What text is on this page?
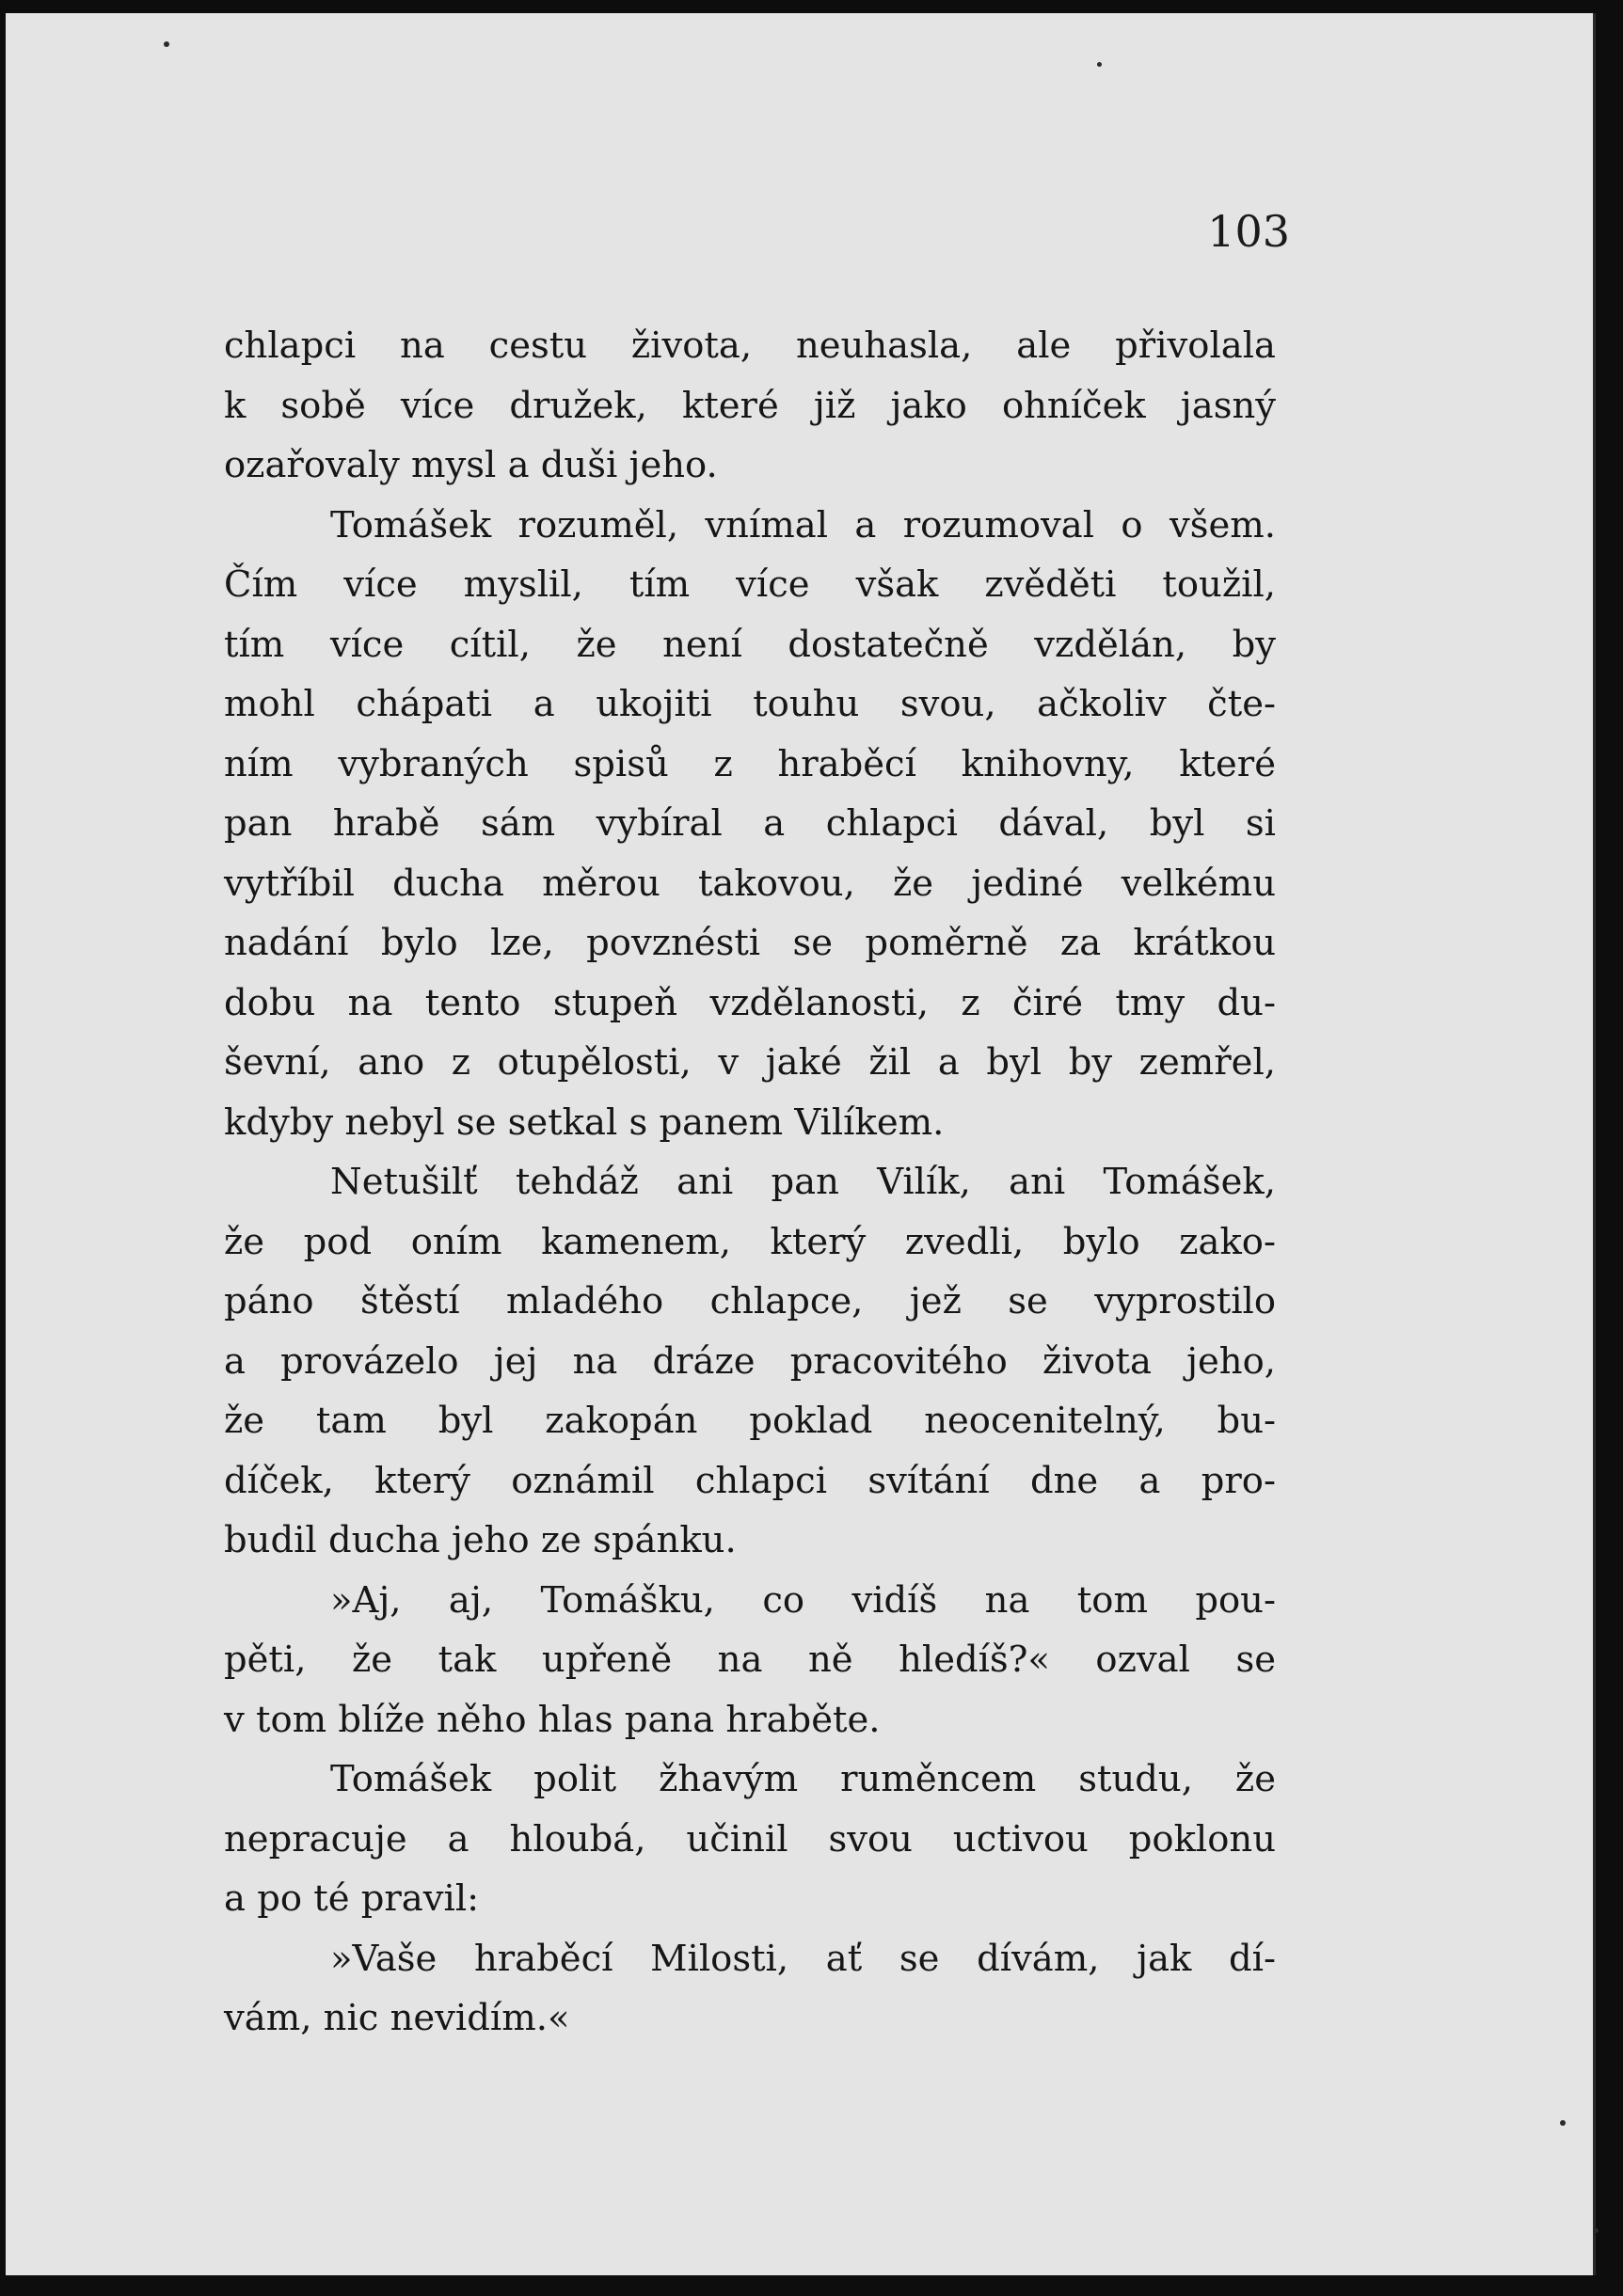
103
chlapci na cestu života, neuhasla, ale přivolala
k sobě více družek, které již jako ohníček jasný
ozařovaly mysl a duši jeho.
Tomášek rozuměl, vnímal a rozumoval o všem.
Čím více myslil, tím více však zvěděti toužil,
tím více cítil, že není dostatečně vzdělán, by
mohl chápati a ukojiti touhu svou, ačkoliv čte-
ním vybraných spisů z hraběcí knihovny, které
pan hrabě sám vybíral a chlapci dával, byl si
vytříbil ducha měrou takovou, že jediné velkému
nadání bylo lze, povznésti se poměrně za krátkou
dobu na tento stupeň vzdělanosti, z čiré tmy du-
ševní, ano z otupělosti, v jaké žil a byl by zemřel,
kdyby nebyl se setkal s panem Vilíkem.
Netušilť tehdáž ani pan Vilík, ani Tomášek,
že pod oním kamenem, který zvedli, bylo zako-
páno štěstí mladého chlapce, jež se vyprostilo
a provázelo jej na dráze pracovitého života jeho,
že tam byl zakopán poklad neocenitelný, bu-
díček, který oznámil chlapci svítání dne a pro-
budil ducha jeho ze spánku.
»Aj, aj, Tomášku, co vidíš na tom pou-
pěti, že tak upřeně na ně hledíš?« ozval se
v tom blíže něho hlas pana hraběte.
Tomášek polit žhavým ruměncem studu, že
nepracuje a hloubá, učinil svou uctivou poklonu
a po té pravil:
»Vaše hraběcí Milosti, ať se dívám, jak dí-
vám, nic nevidím.«
